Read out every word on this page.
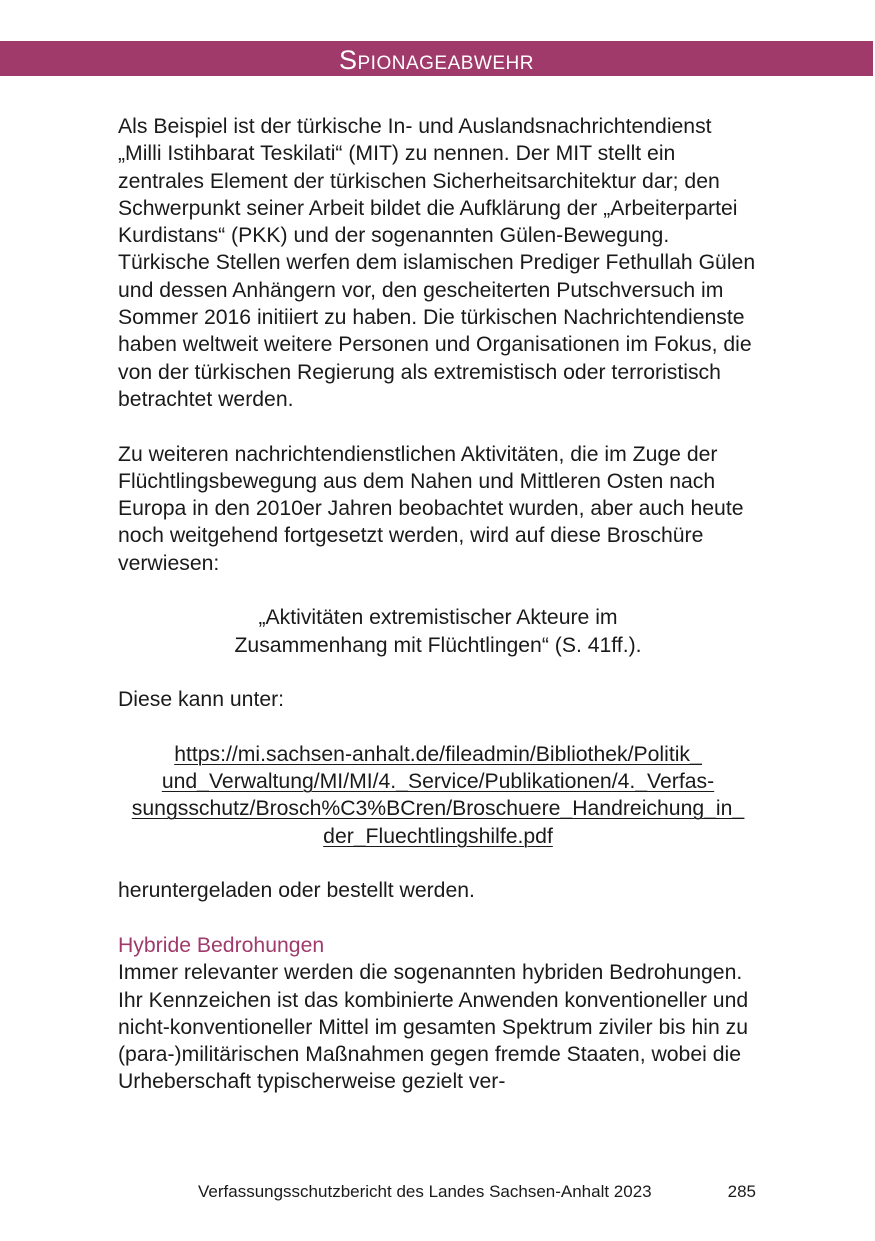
Spionageabwehr

Als Beispiel ist der türkische In- und Auslandsnachrichtendienst „Milli Istihbarat Teskilati“ (MIT) zu nennen. Der MIT stellt ein zentrales Element der türkischen Sicherheitsarchitektur dar; den Schwerpunkt seiner Arbeit bildet die Aufklärung der „Arbeiterpartei Kurdistans“ (PKK) und der sogenannten Gülen-Bewegung. Türkische Stellen werfen dem islamischen Prediger Fethullah Gülen und dessen Anhängern vor, den gescheiterten Putschversuch im Sommer 2016 initiiert zu haben. Die türkischen Nachrichtendienste haben weltweit weitere Personen und Organisationen im Fokus, die von der türkischen Regierung als extremistisch oder terroristisch betrachtet werden.

Zu weiteren nachrichtendienstlichen Aktivitäten, die im Zuge der Flüchtlingsbewegung aus dem Nahen und Mittleren Osten nach Europa in den 2010er Jahren beobachtet wurden, aber auch heute noch weitgehend fortgesetzt werden, wird auf diese Broschüre verwiesen:

„Aktivitäten extremistischer Akteure im
Zusammenhang mit Flüchtlingen“ (S. 41ff.).

Diese kann unter:

https://mi.sachsen-anhalt.de/fileadmin/Bibliothek/Politik_
und_Verwaltung/MI/MI/4._Service/Publikationen/4._Verfas-
sungsschutz/Brosch%C3%BCren/Broschuere_Handreichung_in_
der_Fluechtlingshilfe.pdf

heruntergeladen oder bestellt werden.

Hybride Bedrohungen

Immer relevanter werden die sogenannten hybriden Bedrohungen. Ihr Kennzeichen ist das kombinierte Anwenden konventioneller und nicht-konventioneller Mittel im gesamten Spektrum ziviler bis hin zu (para-)militärischen Maßnahmen gegen fremde Staaten, wobei die Urheberschaft typischerweise gezielt ver-

Verfassungsschutzbericht des Landes Sachsen-Anhalt 2023	285
